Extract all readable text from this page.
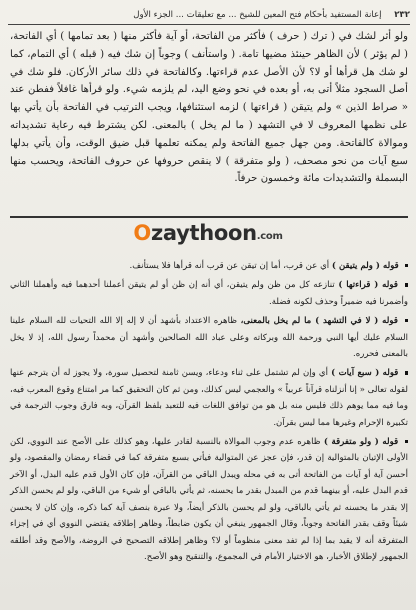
٢٣٢ إعانة المستفيد بأحكام فتح المعين للشيخ ... مع تعليقات ... الجزء الأول

ولو أثر لشك في ( ترك ( حرف ) فأكثر من الفاتحة، أو آية فأكثر منها ( بعد تمامها ) أي الفاتحة، ( لم يؤثر ) لأن الظاهر حينئذ مضيها تامة. ( واستأنف ) وجوباً إن شك فيه ( قبله ) أي التمام، كما لو شك هل قرأها أو لا؟ لأن الأصل عدم قراءتها. وكالفاتحة في ذلك سائر الأركان. فلو شك في أصل السجود مثلاً أتى به، أو بعده في نحو وضع اليد، لم يلزمه شيء. ولو قرأها غافلاً ففطن عند « صراط الذين » ولم يتيقن ( قراءتها ) لزمه استئنافها، ويجب الترتيب في الفاتحة بأن يأتي بها على نظمها المعروف لا في التشهد ( ما لم يخل ) بالمعنى. لكن يشترط فيه رعاية تشديداته وموالاة كالفاتحة. ومن جهل جميع الفاتحة ولم يمكنه تعلمها قبل ضيق الوقت، وأن يأتي بدلها سبع آيات من نحو مصحف، ( ولو متفرقة ) لا ينقص حروفها عن حروف الفاتحة، ويحسب منها البسملة والتشديدات مائة وخمسون حرفاً.

O zaythoon .com

قوله ( ولم يتيقن ) أي عن قرب، أما إن تيقن عن قرب أنه قرأها فلا يستأنف.

قوله ( قراءتها ) تنازعه كل من ظن ولم يتيقن، أي أنه إن ظن أو لم يتيقن أعملنا أحدهما فيه وأهملنا الثاني وأضمرنا فيه ضميراً وحذف لكونه فضلة.

قوله ( لا في التشهد ) ما لم يخل بالمعنى، ظاهره الاعتداد بأشهد أن لا إله إلا الله التحيات لله السلام علينا السلام عليك أيها النبي ورحمة الله وبركاته وعلى عباد الله الصالحين وأشهد أن محمداً رسول الله، إذ لا يخل بالمعنى فحرره.

قوله ( سبع آيات ) أي وإن لم تشتمل على ثناء ودعاء، ويسن ثامنة لتحصيل سورة، ولا يجوز له أن يترجم عنها لقوله تعالى « إنا أنزلناه قرآناً عربياً » والعجمي ليس كذلك، ومن ثم كان التحقيق كما مر امتناع وقوع المعرب فيه، وما فيه مما يوهم ذلك فليس منه بل هو من توافق اللغات فيه للتعبد بلفظ القرآن، وبه فارق وجوب الترجمة في تكبيرة الإحرام وغيرها مما ليس بقرآن.

قوله ( ولو متفرقة ) ظاهره عدم وجوب الموالاة بالنسبة لقادر عليها، وهو كذلك على الأصح عند النووي، لكن الأولى الإتيان بالمتوالية إن قدر، فإن عجز عن المتوالية فيأتي بسبع متفرقة كما في قضاء رمضان والمقصود، ولو أحسن آية أو آيات من الفاتحة أتى به في محله ويبدل الباقي من القرآن، فإن كان الأول قدم عليه البدل، أو الآخر قدم البدل عليه، أو بينهما قدم من المبدل بقدر ما يحسنه، ثم يأتي بالباقي أو شيء من الباقي، ولو لم يحسن الذكر إلا بقدر ما يحسنه ثم يأتي بالباقي، ولو لم يحسن بالذكر أيضاً، ولا عبرة بنصف آية كما ذكره، وإن كان لا يحسن شيئاً وقف بقدر الفاتحة وجوباً، وقال الجمهور ينبغي أن يكون ضابطاً، وظاهر إطلاقه يقتضي النووي أي في إجزاء المتفرقة أنه لا يقيد بما إذا لم تفد معنى منظوماً أو لا؟ وظاهر إطلاقه التصحيح في الروضة، والأصح وقد أطلقه الجمهور لإطلاق الأخبار، هو الاختيار الأمام في المجموع، والتنقيح وهو الأصح.
